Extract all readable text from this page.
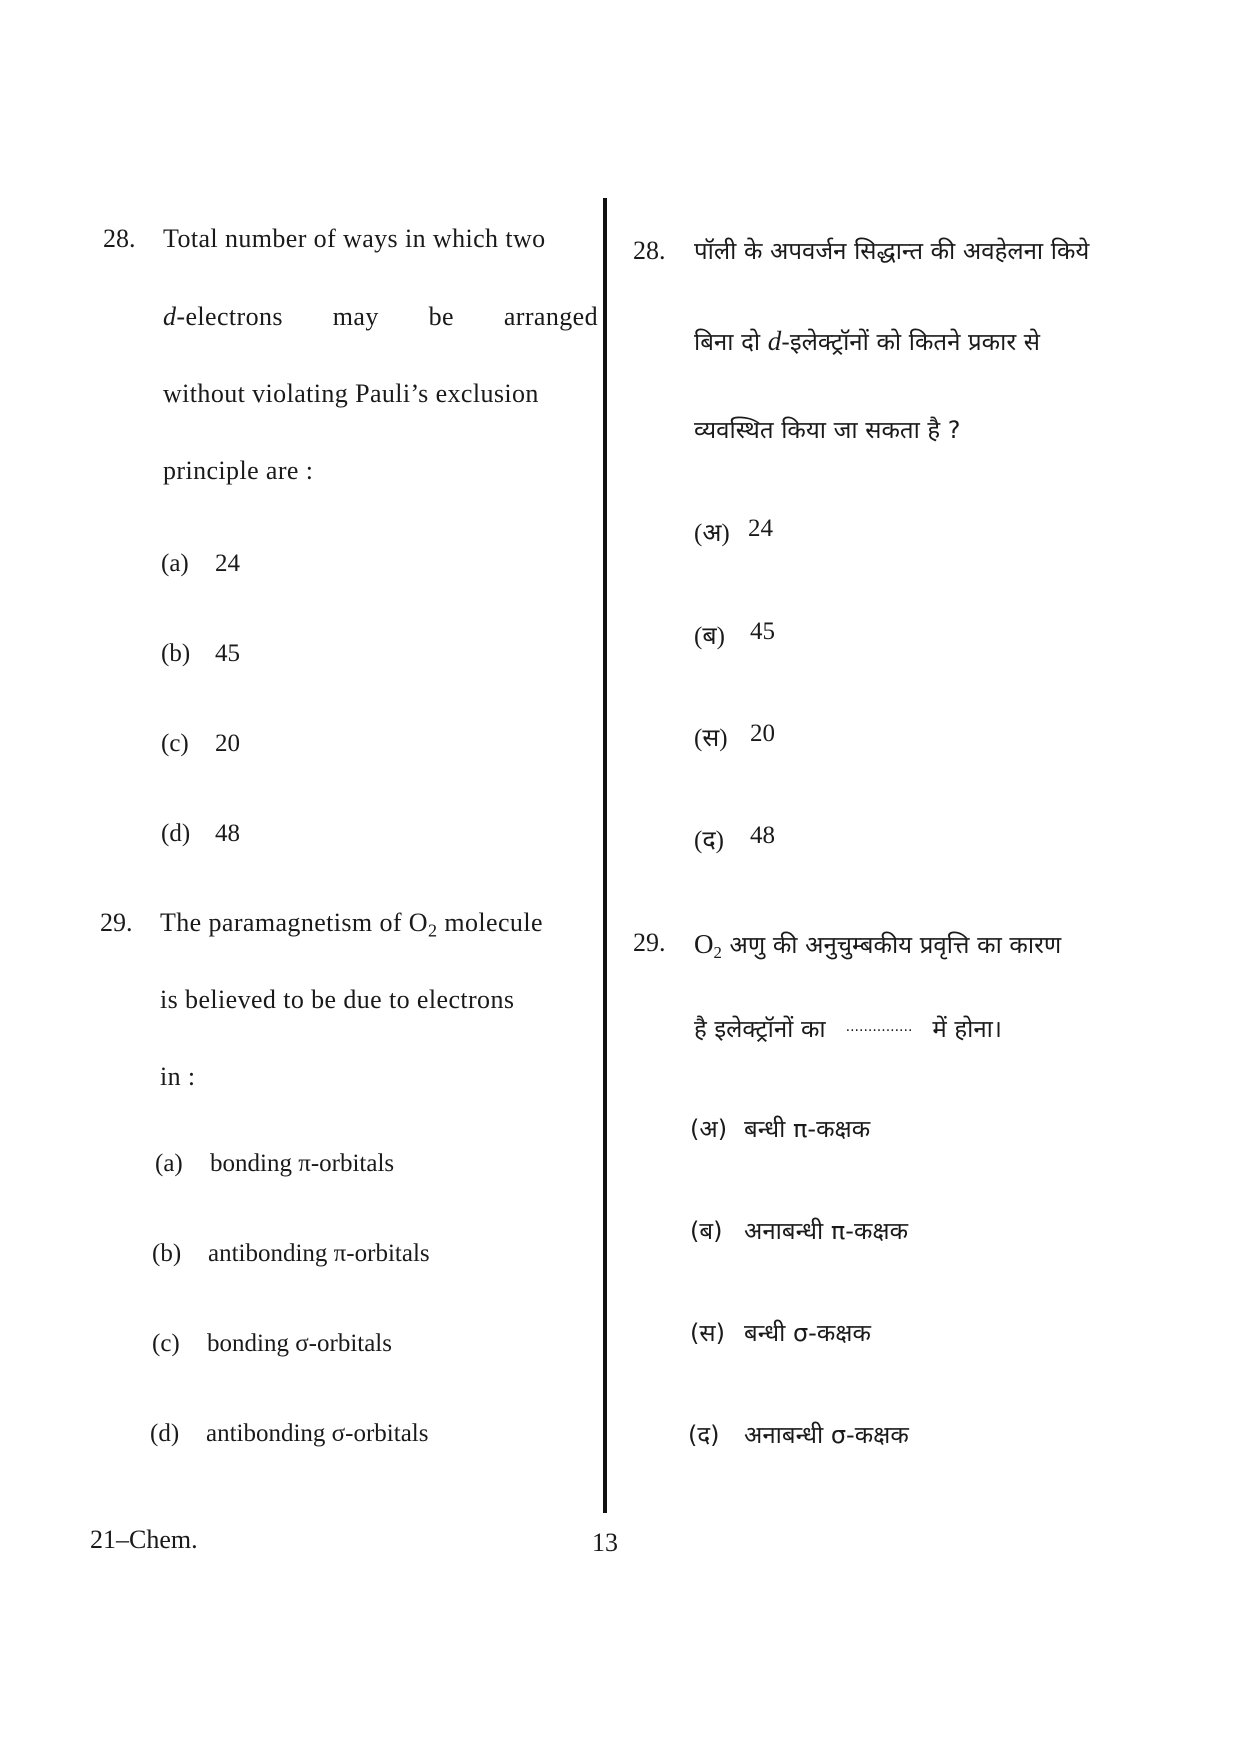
28. Total number of ways in which two
d-electrons may be arranged
without violating Pauli’s exclusion
principle are :
(a) 24
(b) 45
(c) 20
(d) 48
29. The paramagnetism of $O_2$ molecule
is believed to be due to electrons
in :
(a) bonding π-orbitals
(b) antibonding π-orbitals
(c) bonding σ-orbitals
(d) antibonding σ-orbitals
28. पॉली के अपवर्जन सिद्धान्त की अवहेलना किये
बिना दो d-इलेक्ट्रॉनों को कितने प्रकार से
व्यवस्थित किया जा सकता है ?
(अ) 24
(ब) 45
(स) 20
(द) 48
29. $O_2$ अणु की अनुचुम्बकीय प्रवृत्ति का कारण
है इलेक्ट्रॉनों का ............... में होना।
(अ) बन्धी π-कक्षक
(ब) अनाबन्धी π-कक्षक
(स) बन्धी σ-कक्षक
(द) अनाबन्धी σ-कक्षक
21–Chem.	13
